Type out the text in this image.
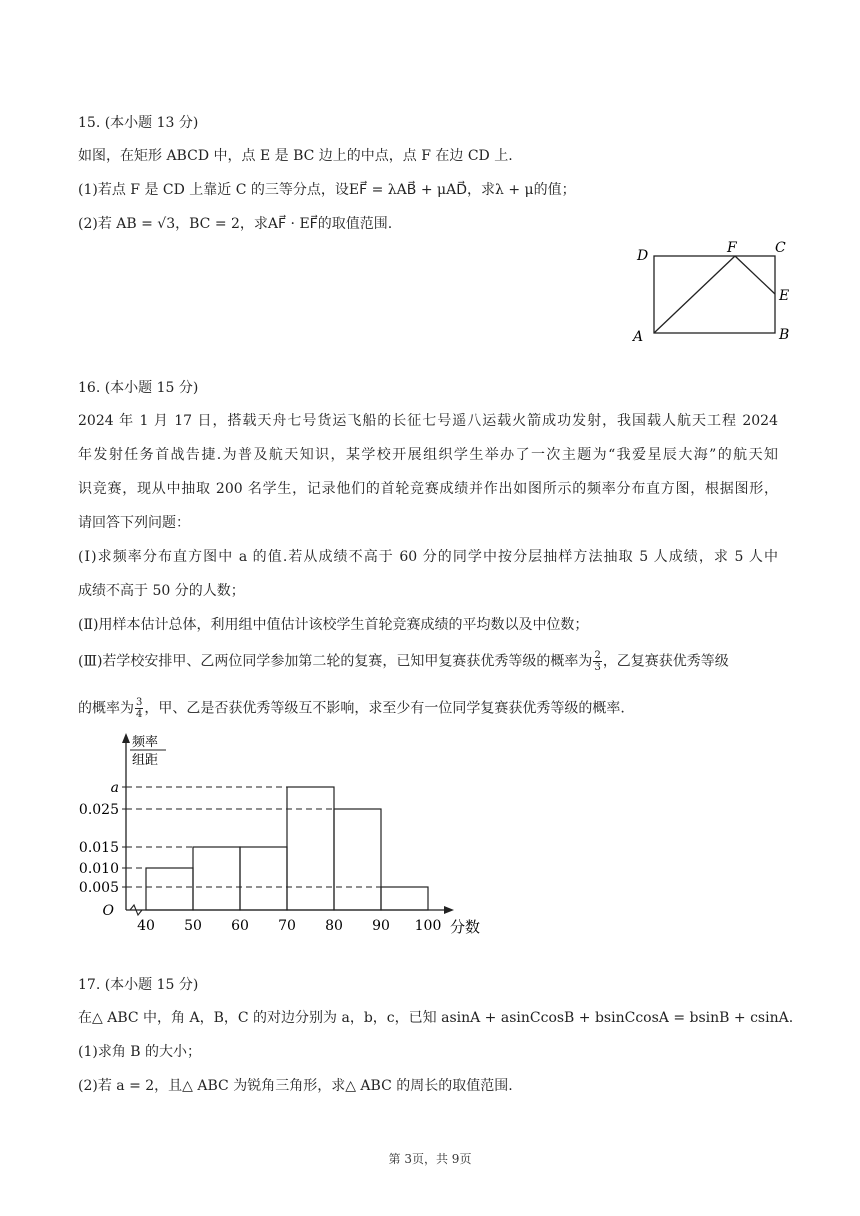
15. (本小题 13 分)
如图，在矩形 ABCD 中，点 E 是 BC 边上的中点，点 F 在边 CD 上.
(1)若点 F 是 CD 上靠近 C 的三等分点，设EF⃗ = λAB⃗ + μAD⃗，求λ + μ的值；
(2)若 AB = √3，BC = 2，求AF⃗ · EF⃗的取值范围.
D	F	C
E
A	B
16. (本小题 15 分)
2024 年 1 月 17 日，搭载天舟七号货运飞船的长征七号遥八运载火箭成功发射，我国载人航天工程 2024
年发射任务首战告捷.为普及航天知识，某学校开展组织学生举办了一次主题为“我爱星辰大海”的航天知
识竞赛，现从中抽取 200 名学生，记录他们的首轮竞赛成绩并作出如图所示的频率分布直方图，根据图形，
请回答下列问题：
(Ⅰ)求频率分布直方图中 a 的值.若从成绩不高于 60 分的同学中按分层抽样方法抽取 5 人成绩，求 5 人中
成绩不高于 50 分的人数；
(Ⅱ)用样本估计总体，利用组中值估计该校学生首轮竞赛成绩的平均数以及中位数；
(Ⅲ)若学校安排甲、乙两位同学参加第二轮的复赛，已知甲复赛获优秀等级的概率为 $\frac{2}{3}$ ，乙复赛获优秀等级
的概率为 $\frac{3}{4}$ ，甲、乙是否获优秀等级互不影响，求至少有一位同学复赛获优秀等级的概率.
频率
组距
a
0.025
0.015
0.010
0.005
O
40 50 60 70 80 90 100 分数
17. (本小题 15 分)
在△ ABC 中，角 A，B，C 的对边分别为 a，b，c，已知 asinA + asinCcosB + bsinCcosA = bsinB + csinA.
(1)求角 B 的大小；
(2)若 a = 2，且△ ABC 为锐角三角形，求△ ABC 的周长的取值范围.
第 3页，共 9页
